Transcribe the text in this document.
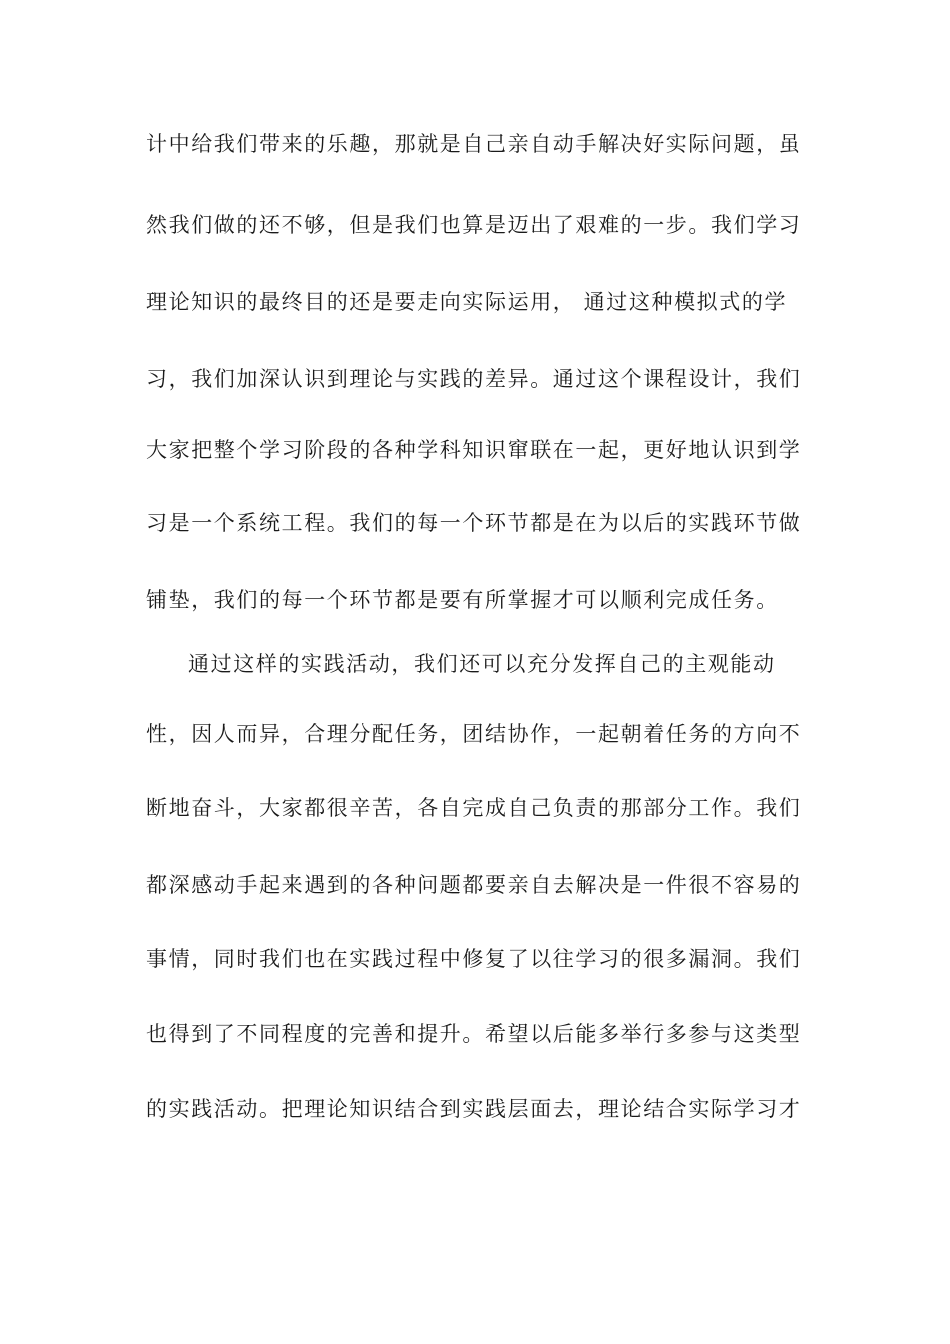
计中给我们带来的乐趣，那就是自己亲自动手解决好实际问题，虽
然我们做的还不够，但是我们也算是迈出了艰难的一步。我们学习
理论知识的最终目的还是要走向实际运用， 通过这种模拟式的学
习，我们加深认识到理论与实践的差异。通过这个课程设计，我们
大家把整个学习阶段的各种学科知识窜联在一起，更好地认识到学
习是一个系统工程。我们的每一个环节都是在为以后的实践环节做
铺垫，我们的每一个环节都是要有所掌握才可以顺利完成任务。
通过这样的实践活动，我们还可以充分发挥自己的主观能动
性，因人而异，合理分配任务，团结协作，一起朝着任务的方向不
断地奋斗，大家都很辛苦，各自完成自己负责的那部分工作。我们
都深感动手起来遇到的各种问题都要亲自去解决是一件很不容易的
事情，同时我们也在实践过程中修复了以往学习的很多漏洞。我们
也得到了不同程度的完善和提升。希望以后能多举行多参与这类型
的实践活动。把理论知识结合到实践层面去，理论结合实际学习才
